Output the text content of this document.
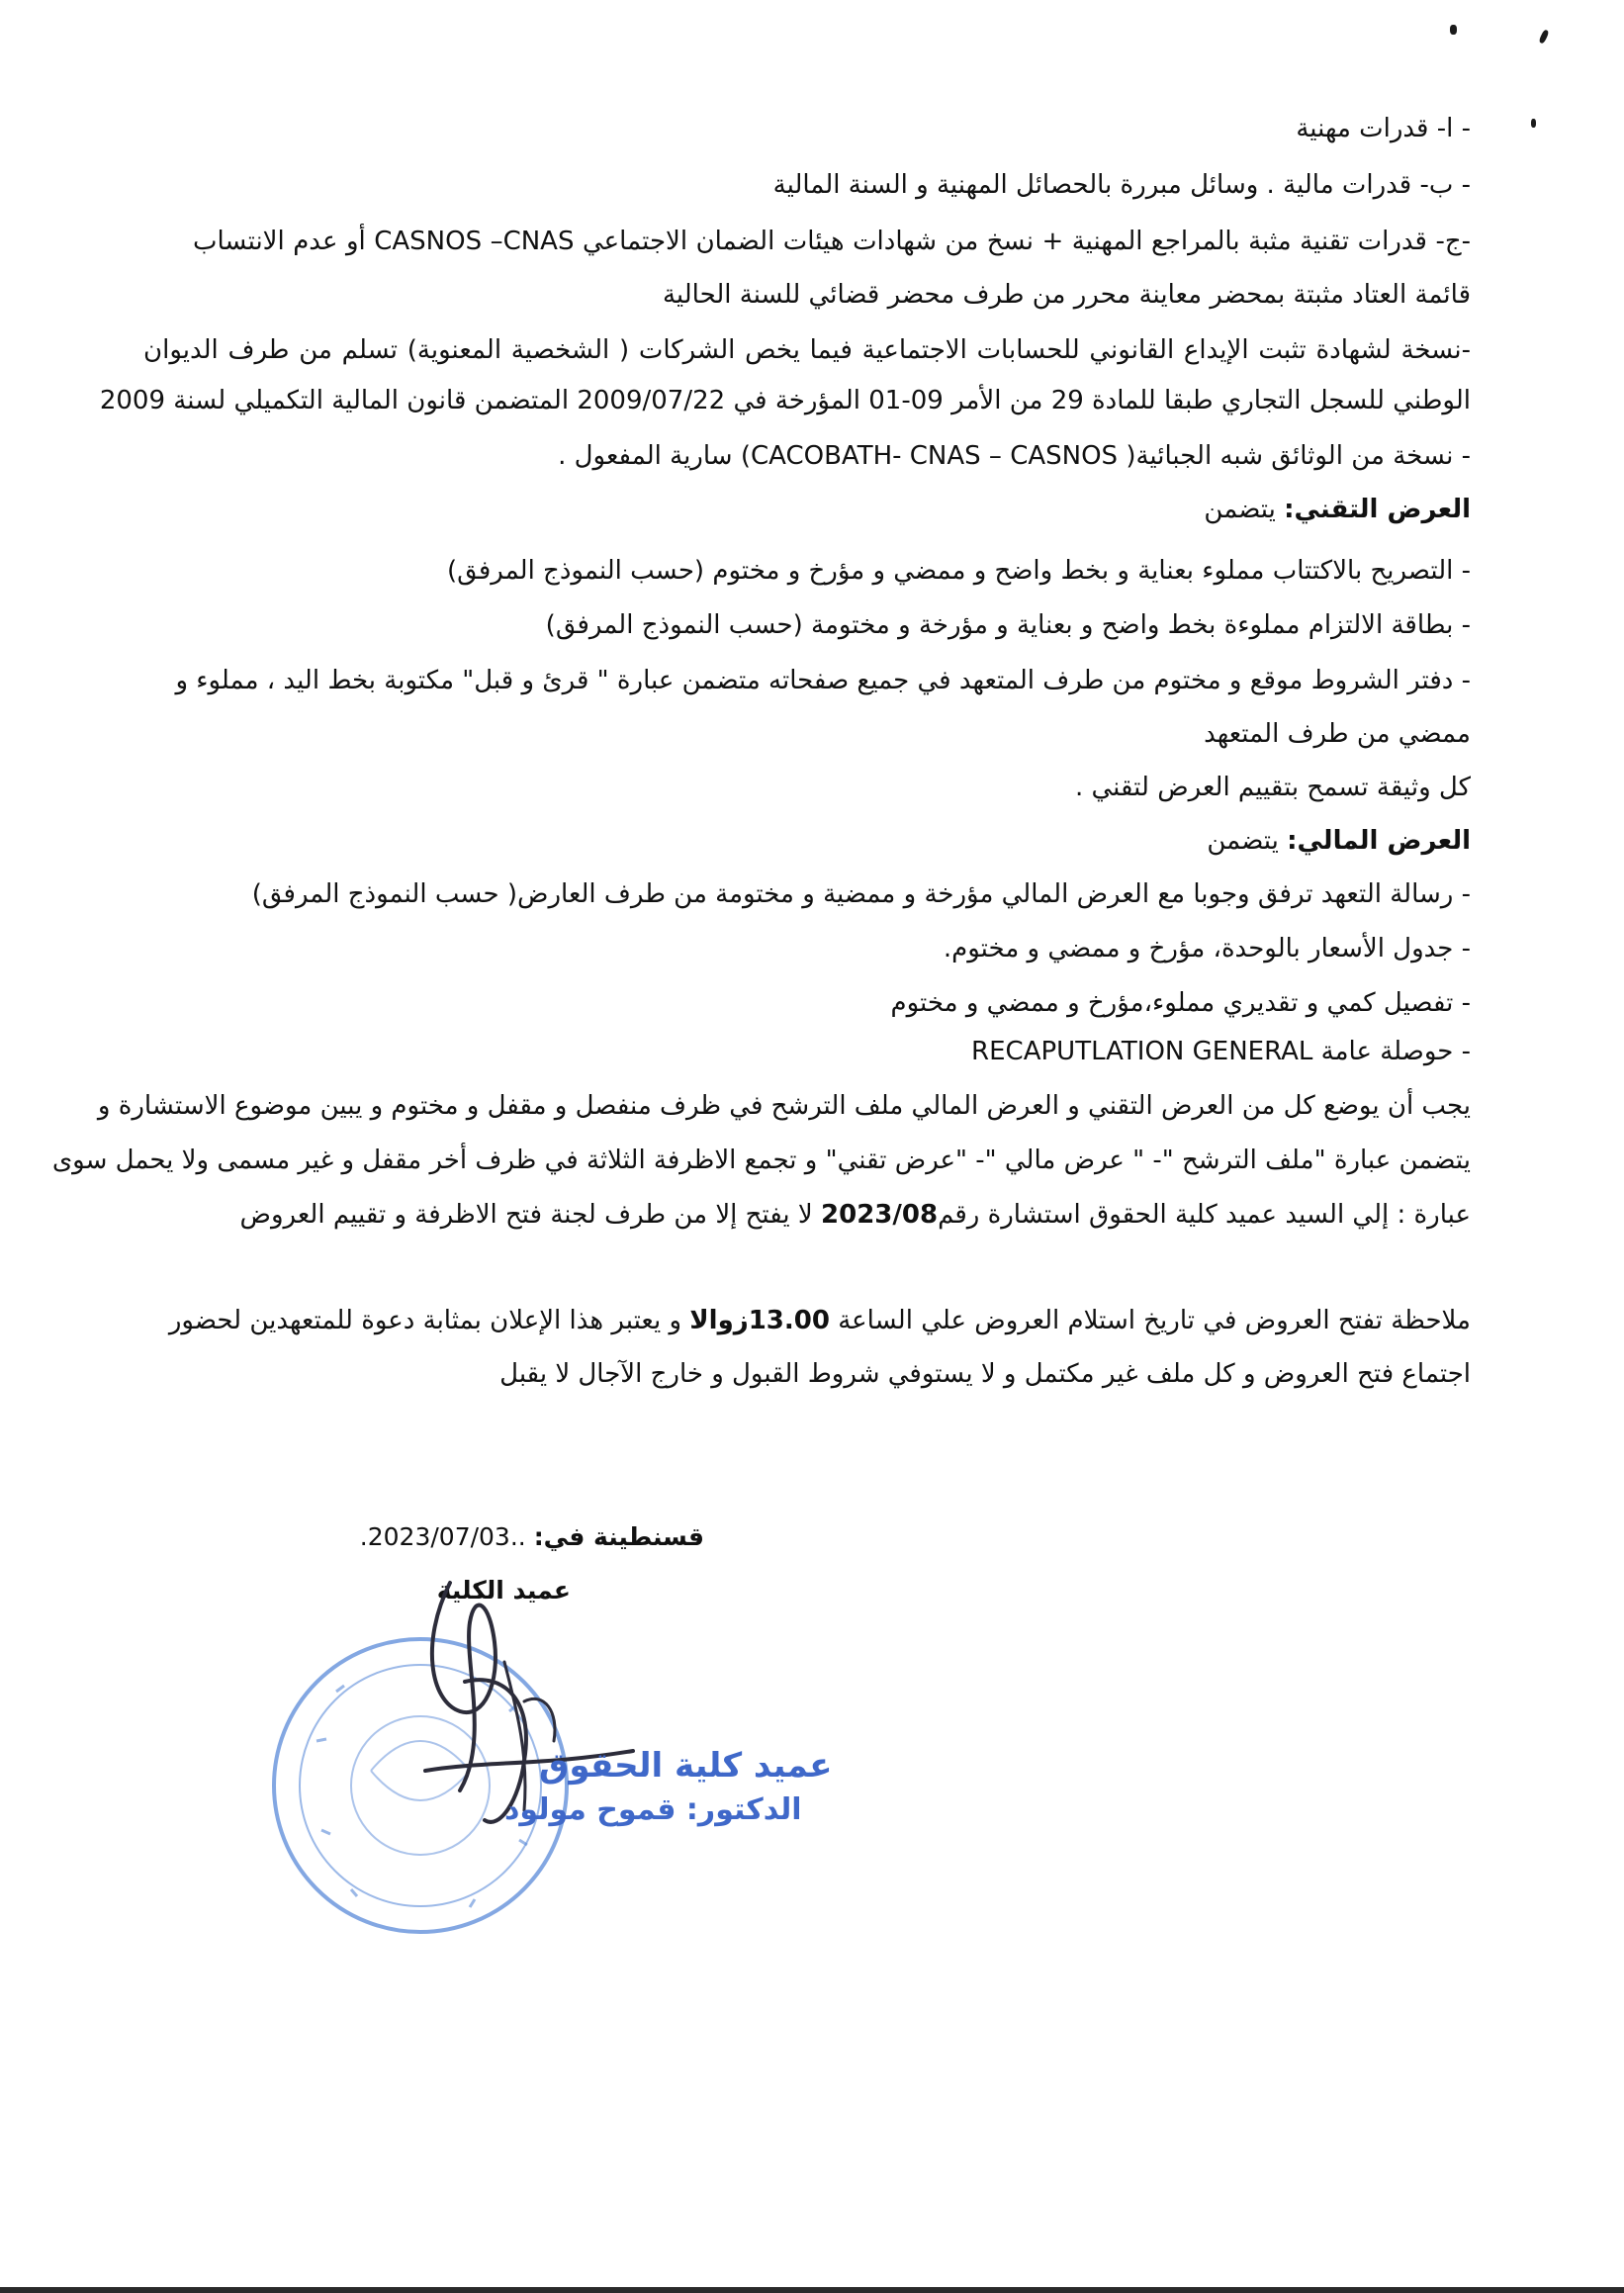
- ا- قدرات مهنية
- ب- قدرات مالية . وسائل مبررة بالحصائل المهنية و السنة المالية
-ج- قدرات تقنية مثبة بالمراجع المهنية + نسخ من شهادات هيئات الضمان الاجتماعي CASNOS –CNAS أو عدم الانتساب
قائمة العتاد مثبتة بمحضر معاينة محرر من طرف محضر قضائي للسنة الحالية
-نسخة لشهادة تثبت الإيداع القانوني للحسابات الاجتماعية فيما يخص الشركات ( الشخصية المعنوية) تسلم من طرف الديوان
الوطني للسجل التجاري طبقا للمادة 29 من الأمر 09-01 المؤرخة في 2009/07/22 المتضمن قانون المالية التكميلي لسنة 2009
- نسخة من الوثائق شبه الجبائية( CACOBATH- CNAS – CASNOS) سارية المفعول .
العرض التقني: يتضمن
- التصريح بالاكتتاب مملوء بعناية و بخط واضح و ممضي و مؤرخ و مختوم (حسب النموذج المرفق)
- بطاقة الالتزام مملوءة بخط واضح و بعناية و مؤرخة و مختومة (حسب النموذج المرفق)
- دفتر الشروط موقع و مختوم من طرف المتعهد في جميع صفحاته متضمن عبارة " قرئ و قبل" مكتوبة بخط اليد ، مملوء و
ممضي من طرف المتعهد
كل وثيقة تسمح بتقييم العرض لتقني .
العرض المالي: يتضمن
- رسالة التعهد ترفق وجوبا مع العرض المالي مؤرخة و ممضية و مختومة من طرف العارض( حسب النموذج المرفق)
- جدول الأسعار بالوحدة، مؤرخ و ممضي و مختوم.
- تفصيل كمي و تقديري مملوء،مؤرخ و ممضي و مختوم
- حوصلة عامة RECAPUTLATION GENERAL
يجب أن يوضع كل من العرض التقني و العرض المالي ملف الترشح في ظرف منفصل و مقفل و مختوم و يبين موضوع الاستشارة و
يتضمن عبارة "ملف الترشح "- " عرض مالي "- "عرض تقني" و تجمع الاظرفة الثلاثة في ظرف أخر مقفل و غير مسمى ولا يحمل سوى
عبارة : إلي السيد عميد كلية الحقوق استشارة رقم2023/08 لا يفتح إلا من طرف لجنة فتح الاظرفة و تقييم العروض
ملاحظة تفتح العروض في تاريخ استلام العروض علي الساعة 13.00زوالا و يعتبر هذا الإعلان بمثابة دعوة للمتعهدين لحضور
اجتماع فتح العروض و كل ملف غير مكتمل و لا يستوفي شروط القبول و خارج الآجال لا يقبل
قسنطينة في: ..2023/07/03.
عميد الكلية
عميد كلية الحقوق
الدكتور: قموح مولود
